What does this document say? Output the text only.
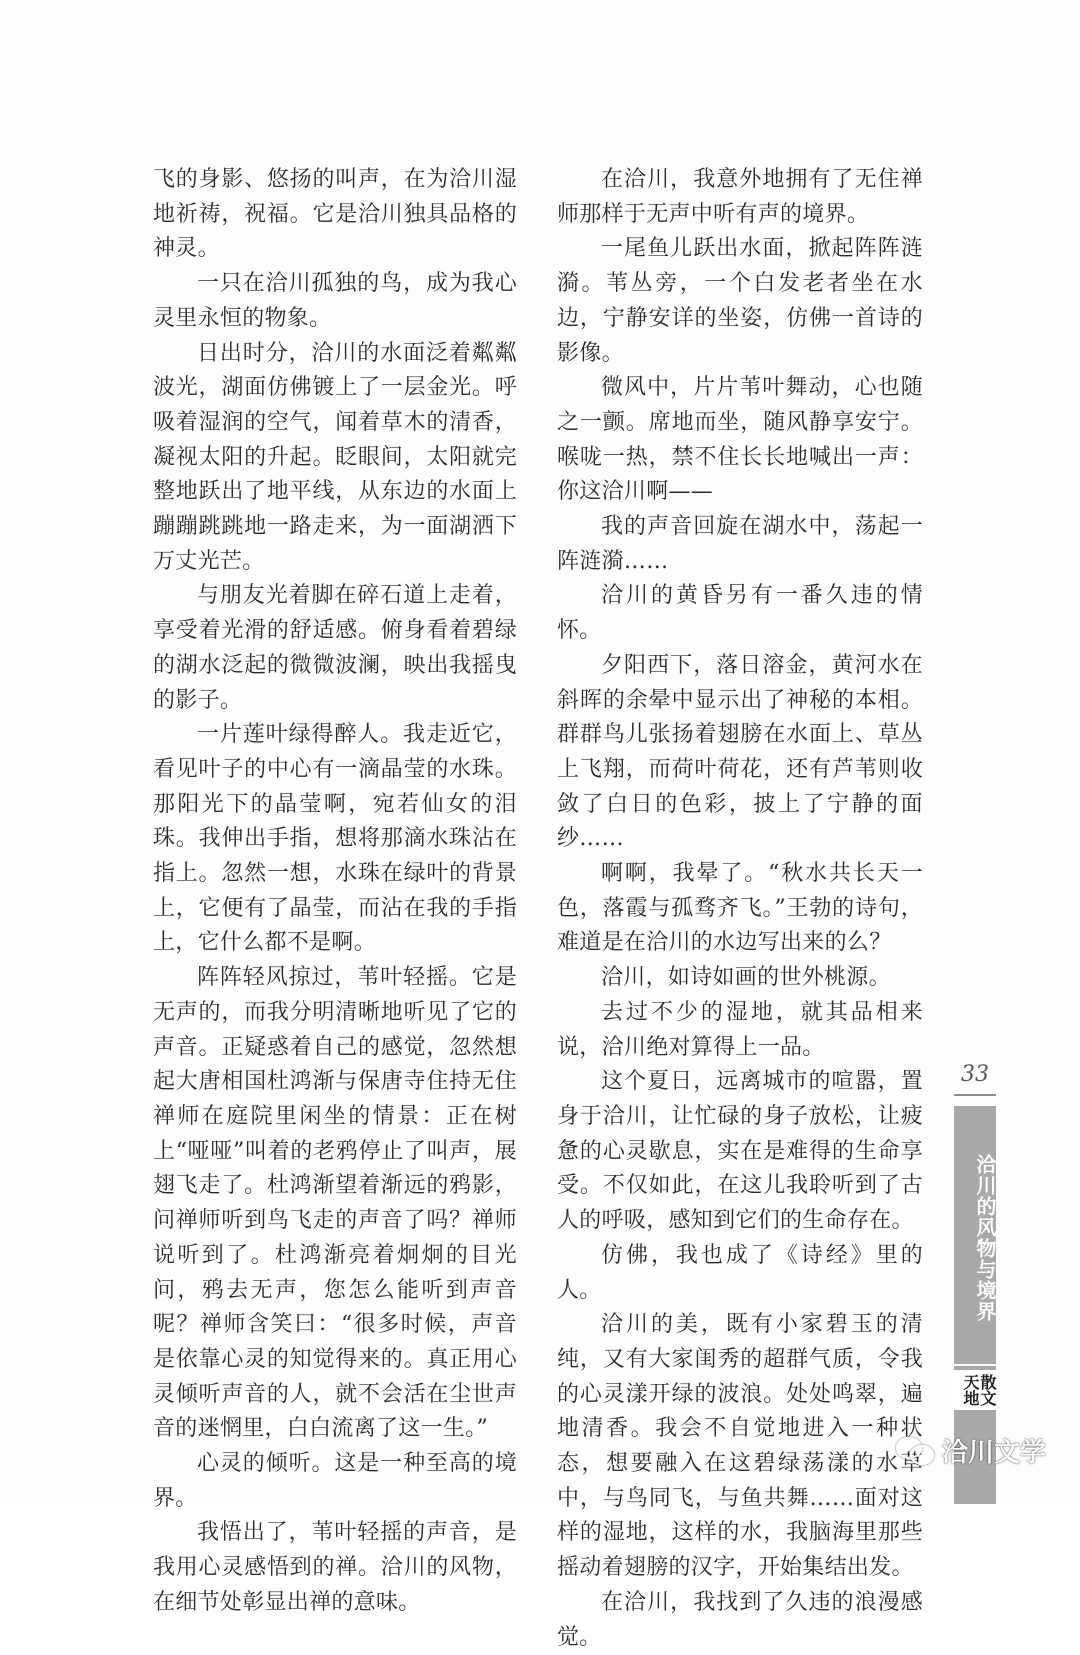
飞的身影、悠扬的叫声，在为洽川湿地祈祷，祝福。它是洽川独具品格的神灵。

一只在洽川孤独的鸟，成为我心灵里永恒的物象。

日出时分，洽川的水面泛着粼粼波光，湖面仿佛镀上了一层金光。呼吸着湿润的空气，闻着草木的清香，凝视太阳的升起。眨眼间，太阳就完整地跃出了地平线，从东边的水面上蹦蹦跳跳地一路走来，为一面湖洒下万丈光芒。

与朋友光着脚在碎石道上走着，享受着光滑的舒适感。俯身看着碧绿的湖水泛起的微微波澜，映出我摇曳的影子。

一片莲叶绿得醉人。我走近它，看见叶子的中心有一滴晶莹的水珠。那阳光下的晶莹啊，宛若仙女的泪珠。我伸出手指，想将那滴水珠沾在指上。忽然一想，水珠在绿叶的背景上，它便有了晶莹，而沾在我的手指上，它什么都不是啊。

阵阵轻风掠过，苇叶轻摇。它是无声的，而我分明清晰地听见了它的声音。正疑惑着自己的感觉，忽然想起大唐相国杜鸿渐与保唐寺住持无住禅师在庭院里闲坐的情景：正在树上“哑哑”叫着的老鸦停止了叫声，展翅飞走了。杜鸿渐望着渐远的鸦影，问禅师听到鸟飞走的声音了吗？禅师说听到了。杜鸿渐亮着炯炯的目光问，鸦去无声，您怎么能听到声音呢？禅师含笑曰：“很多时候，声音是依靠心灵的知觉得来的。真正用心灵倾听声音的人，就不会活在尘世声音的迷惘里，白白流离了这一生。”

心灵的倾听。这是一种至高的境界。

我悟出了，苇叶轻摇的声音，是我用心灵感悟到的禅。洽川的风物，在细节处彰显出禅的意味。

在洽川，我意外地拥有了无住禅师那样于无声中听有声的境界。

一尾鱼儿跃出水面，掀起阵阵涟漪。苇丛旁，一个白发老者坐在水边，宁静安详的坐姿，仿佛一首诗的影像。

微风中，片片苇叶舞动，心也随之一颤。席地而坐，随风静享安宁。喉咙一热，禁不住长长地喊出一声：你这洽川啊——

我的声音回旋在湖水中，荡起一阵涟漪……

洽川的黄昏另有一番久违的情怀。

夕阳西下，落日溶金，黄河水在斜晖的余晕中显示出了神秘的本相。群群鸟儿张扬着翅膀在水面上、草丛上飞翔，而荷叶荷花，还有芦苇则收敛了白日的色彩，披上了宁静的面纱……

啊啊，我晕了。“秋水共长天一色，落霞与孤骛齐飞。”王勃的诗句，难道是在洽川的水边写出来的么？

洽川，如诗如画的世外桃源。

去过不少的湿地，就其品相来说，洽川绝对算得上一品。

这个夏日，远离城市的喧嚣，置身于洽川，让忙碌的身子放松，让疲惫的心灵歇息，实在是难得的生命享受。不仅如此，在这儿我聆听到了古人的呼吸，感知到它们的生命存在。

仿佛，我也成了《诗经》里的人。

洽川的美，既有小家碧玉的清纯，又有大家闺秀的超群气质，令我的心灵漾开绿的波浪。处处鸣翠，遍地清香。我会不自觉地进入一种状态，想要融入在这碧绿荡漾的水草中，与鸟同飞，与鱼共舞……面对这样的湿地，这样的水，我脑海里那些摇动着翅膀的汉字，开始集结出发。

在洽川，我找到了久违的浪漫感觉。

33
洽川的风物与境界
散文天地
洽川文学
